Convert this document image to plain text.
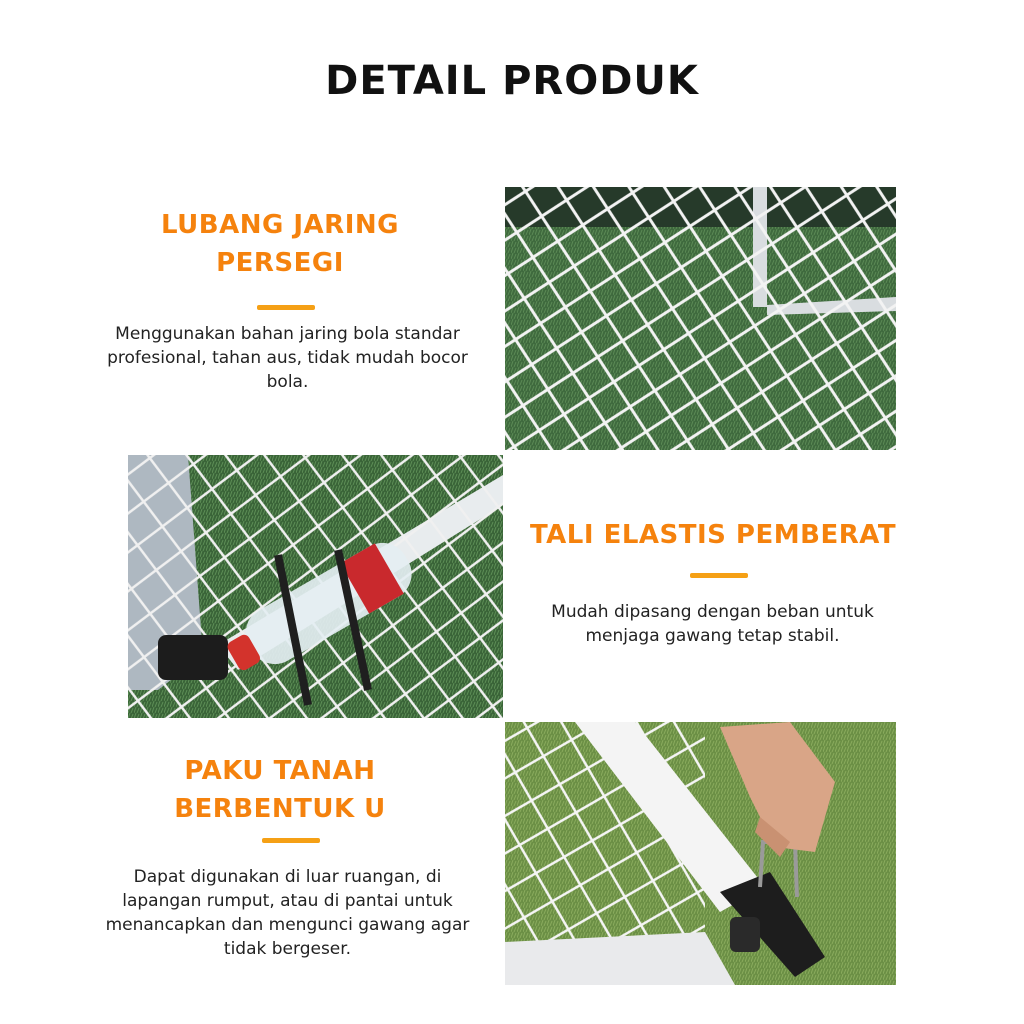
DETAIL PRODUK
LUBANG JARING
PERSEGI

Menggunakan bahan jaring bola standar profesional, tahan aus, tidak mudah bocor bola.

TALI ELASTIS PEMBERAT

Mudah dipasang dengan beban untuk menjaga gawang tetap stabil.

PAKU TANAH
BERBENTUK U

Dapat digunakan di luar ruangan, di lapangan rumput, atau di pantai untuk menancapkan dan mengunci gawang agar tidak bergeser.
